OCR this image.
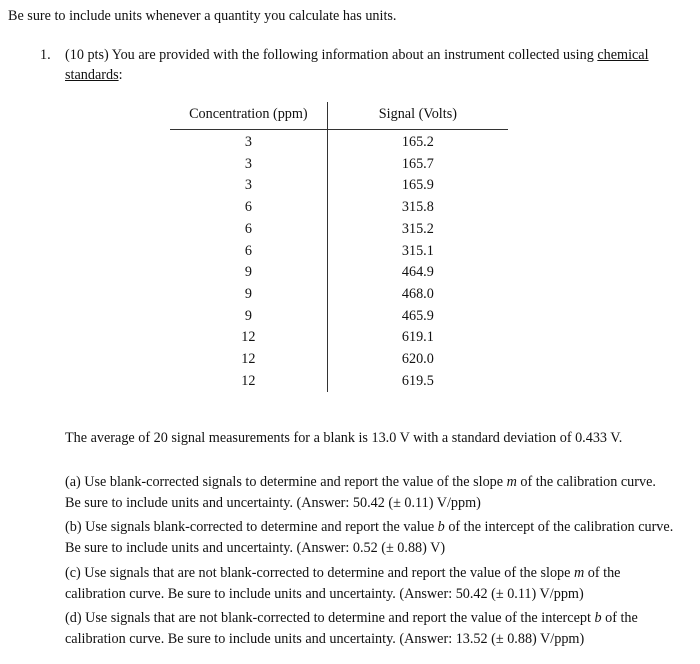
Be sure to include units whenever a quantity you calculate has units.

1. (10 pts) You are provided with the following information about an instrument collected using chemical standards:

Concentration (ppm)	Signal (Volts)
3	165.2
3	165.7
3	165.9
6	315.8
6	315.2
6	315.1
9	464.9
9	468.0
9	465.9
12	619.1
12	620.0
12	619.5

The average of 20 signal measurements for a blank is 13.0 V with a standard deviation of 0.433 V.

(a) Use blank-corrected signals to determine and report the value of the slope m of the calibration curve. Be sure to include units and uncertainty. (Answer: 50.42 (± 0.11) V/ppm)

(b) Use signals blank-corrected to determine and report the value b of the intercept of the calibration curve. Be sure to include units and uncertainty. (Answer: 0.52 (± 0.88) V)

(c) Use signals that are not blank-corrected to determine and report the value of the slope m of the calibration curve. Be sure to include units and uncertainty. (Answer: 50.42 (± 0.11) V/ppm)

(d) Use signals that are not blank-corrected to determine and report the value of the intercept b of the calibration curve. Be sure to include units and uncertainty. (Answer: 13.52 (± 0.88) V/ppm)
